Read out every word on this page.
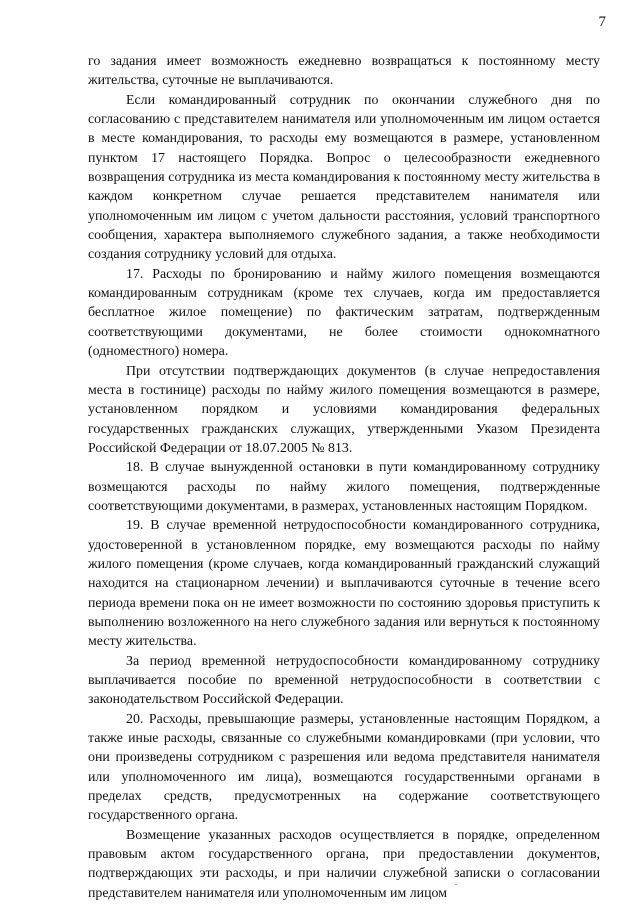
7

го задания имеет возможность ежедневно возвращаться к постоянному месту жительства, суточные не выплачиваются.

Если командированный сотрудник по окончании служебного дня по согласованию с представителем нанимателя или уполномоченным им лицом остается в месте командирования, то расходы ему возмещаются в размере, установленном пунктом 17 настоящего Порядка. Вопрос о целесообразности ежедневного возвращения сотрудника из места командирования к постоянному месту жительства в каждом конкретном случае решается представителем нанимателя или уполномоченным им лицом с учетом дальности расстояния, условий транспортного сообщения, характера выполняемого служебного задания, а также необходимости создания сотруднику условий для отдыха.

17. Расходы по бронированию и найму жилого помещения возмещаются командированным сотрудникам (кроме тех случаев, когда им предоставляется бесплатное жилое помещение) по фактическим затратам, подтвержденным соответствующими документами, не более стоимости однокомнатного (одноместного) номера.

При отсутствии подтверждающих документов (в случае непредоставления места в гостинице) расходы по найму жилого помещения возмещаются в размере, установленном порядком и условиями командирования федеральных государственных гражданских служащих, утвержденными Указом Президента Российской Федерации от 18.07.2005 № 813.

18. В случае вынужденной остановки в пути командированному сотруднику возмещаются расходы по найму жилого помещения, подтвержденные соответствующими документами, в размерах, установленных настоящим Порядком.

19. В случае временной нетрудоспособности командированного сотрудника, удостоверенной в установленном порядке, ему возмещаются расходы по найму жилого помещения (кроме случаев, когда командированный гражданский служащий находится на стационарном лечении) и выплачиваются суточные в течение всего периода времени пока он не имеет возможности по состоянию здоровья приступить к выполнению возложенного на него служебного задания или вернуться к постоянному месту жительства.

За период временной нетрудоспособности командированному сотруднику выплачивается пособие по временной нетрудоспособности в соответствии с законодательством Российской Федерации.

20. Расходы, превышающие размеры, установленные настоящим Порядком, а также иные расходы, связанные со служебными командировками (при условии, что они произведены сотрудником с разрешения или ведома представителя нанимателя или уполномоченного им лица), возмещаются государственными органами в пределах средств, предусмотренных на содержание соответствующего государственного органа.

Возмещение указанных расходов осуществляется в порядке, определенном правовым актом государственного органа, при предоставлении документов, подтверждающих эти расходы, и при наличии служебной записки о согласовании представителем нанимателя или уполномоченным им лицом
